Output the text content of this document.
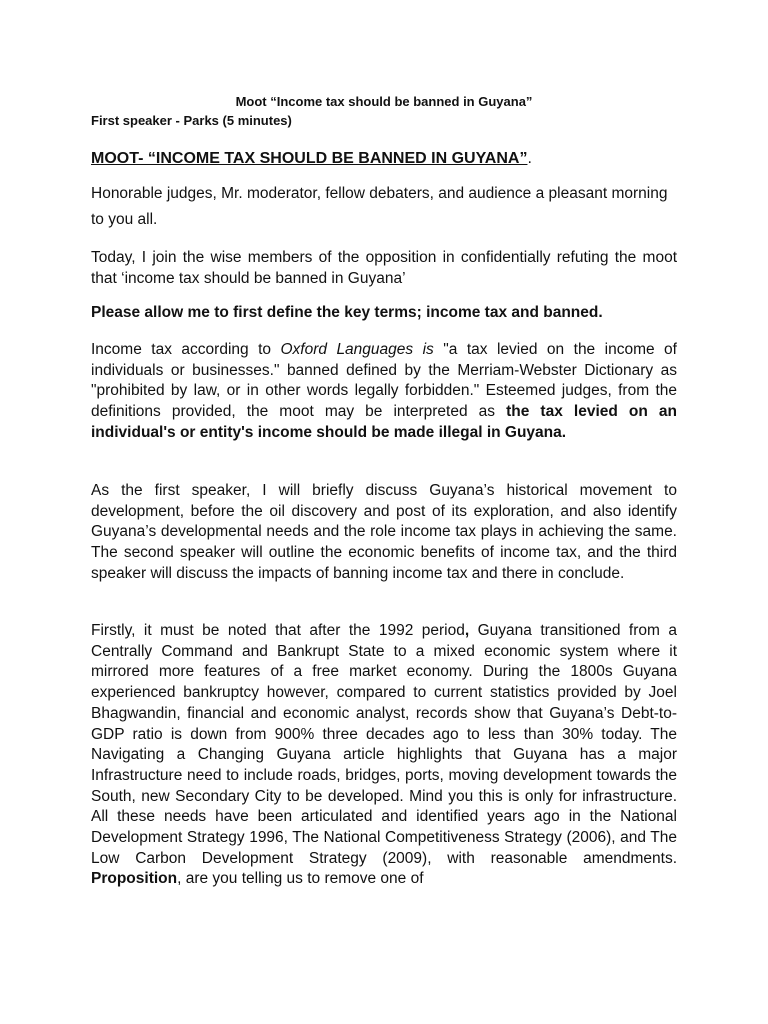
Moot “Income tax should be banned in Guyana”
First speaker - Parks (5 minutes)
MOOT- “INCOME TAX SHOULD BE BANNED IN GUYANA”.

Honorable judges, Mr. moderator, fellow debaters, and audience a pleasant morning to you all.

Today, I join the wise members of the opposition in confidentially refuting the moot that ‘income tax should be banned in Guyana’

Please allow me to first define the key terms; income tax and banned.

Income tax according to Oxford Languages is "a tax levied on the income of individuals or businesses." banned defined by the Merriam-Webster Dictionary as "prohibited by law, or in other words legally forbidden." Esteemed judges, from the definitions provided, the moot may be interpreted as the tax levied on an individual's or entity's income should be made illegal in Guyana.

As the first speaker, I will briefly discuss Guyana’s historical movement to development, before the oil discovery and post of its exploration, and also identify Guyana’s developmental needs and the role income tax plays in achieving the same. The second speaker will outline the economic benefits of income tax, and the third speaker will discuss the impacts of banning income tax and there in conclude.

Firstly, it must be noted that after the 1992 period, Guyana transitioned from a Centrally Command and Bankrupt State to a mixed economic system where it mirrored more features of a free market economy. During the 1800s Guyana experienced bankruptcy however, compared to current statistics provided by Joel Bhagwandin, financial and economic analyst, records show that Guyana’s Debt-to-GDP ratio is down from 900% three decades ago to less than 30% today. The Navigating a Changing Guyana article highlights that Guyana has a major Infrastructure need to include roads, bridges, ports, moving development towards the South, new Secondary City to be developed. Mind you this is only for infrastructure. All these needs have been articulated and identified years ago in the National Development Strategy 1996, The National Competitiveness Strategy (2006), and The Low Carbon Development Strategy (2009), with reasonable amendments. Proposition, are you telling us to remove one of
